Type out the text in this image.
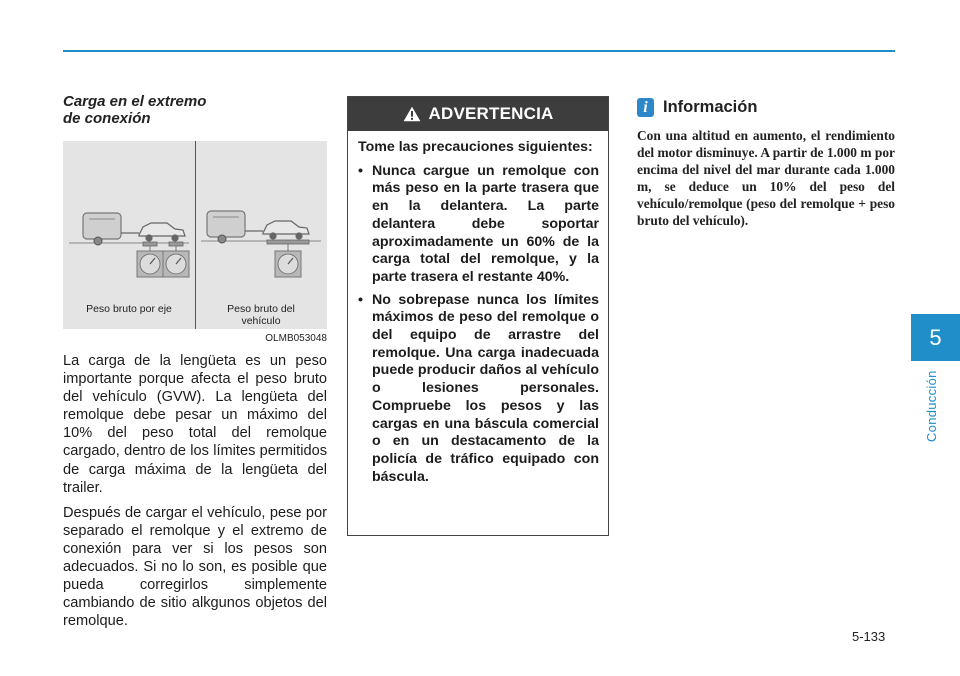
Carga en el extremo
de conexión
Peso bruto por eje	Peso bruto del
vehículo
OLMB053048

La carga de la lengüeta es un peso importante porque afecta el peso bruto del vehículo (GVW). La lengüeta del remolque debe pesar un máximo del 10% del peso total del remolque cargado, dentro de los límites permitidos de carga máxima de la lengüeta del trailer.

Después de cargar el vehículo, pese por separado el remolque y el extremo de conexión para ver si los pesos son adecuados. Si no lo son, es posible que pueda corregirlos simplemente cambiando de sitio alkgunos objetos del remolque.

ADVERTENCIA

Tome las precauciones siguientes:

• Nunca cargue un remolque con más peso en la parte trasera que en la delantera. La parte delantera debe soportar aproximadamente un 60% de la carga total del remolque, y la parte trasera el restante 40%.
• No sobrepase nunca los límites máximos de peso del remolque o del equipo de arrastre del remolque. Una carga inadecuada puede producir daños al vehículo o lesiones personales. Compruebe los pesos y las cargas en una báscula comercial o en un destacamento de la policía de tráfico equipado con báscula.
i Información
Con una altitud en aumento, el rendimiento del motor disminuye. A partir de 1.000 m por encima del nivel del mar durante cada 1.000 m, se deduce un 10% del peso del vehículo/remolque (peso del remolque + peso bruto del vehículo).
5
Conducción
5-133
